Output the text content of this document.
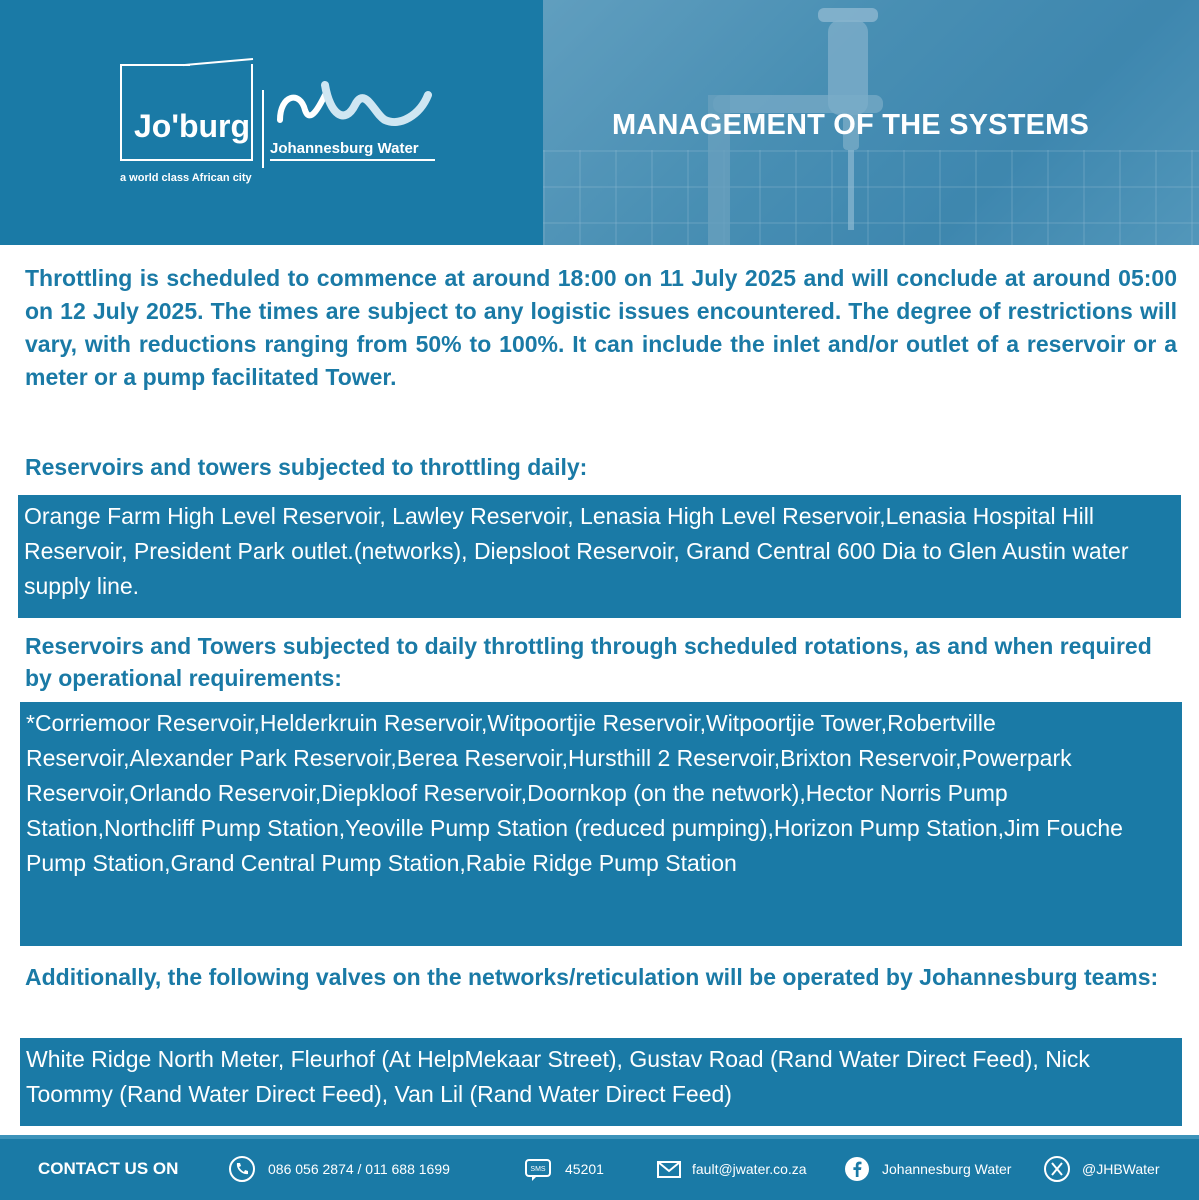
Jo'burg
a world class African city
Johannesburg Water
MANAGEMENT OF THE SYSTEMS
Throttling is scheduled to commence at around 18:00 on 11 July 2025 and will conclude at around 05:00 on 12 July 2025. The times are subject to any logistic issues encountered. The degree of restrictions will vary, with reductions ranging from 50% to 100%. It can include the inlet and/or outlet of a reservoir or a meter or a pump facilitated Tower.
Reservoirs and towers subjected to throttling daily:
Orange Farm High Level Reservoir, Lawley Reservoir, Lenasia High Level Reservoir,Lenasia Hospital Hill Reservoir, President Park outlet.(networks), Diepsloot Reservoir, Grand Central 600 Dia to Glen Austin water supply line.
Reservoirs and Towers subjected to daily throttling through scheduled rotations, as and when required by operational requirements:
*Corriemoor Reservoir,Helderkruin Reservoir,Witpoortjie Reservoir,Witpoortjie Tower,Robertville Reservoir,Alexander Park Reservoir,Berea Reservoir,Hursthill 2 Reservoir,Brixton Reservoir,Powerpark Reservoir,Orlando Reservoir,Diepkloof Reservoir,Doornkop (on the network),Hector Norris Pump Station,Northcliff Pump Station,Yeoville Pump Station (reduced pumping),Horizon Pump Station,Jim Fouche Pump Station,Grand Central Pump Station,Rabie Ridge Pump Station
Additionally, the following valves on the networks/reticulation will be operated by Johannesburg teams:
White Ridge North Meter, Fleurhof (At HelpMekaar Street), Gustav Road (Rand Water Direct Feed), Nick Toommy (Rand Water Direct Feed), Van Lil (Rand Water Direct Feed)
CONTACT US ON	086 056 2874 / 011 688 1699	SMS 45201	fault@jwater.co.za	Johannesburg Water	@JHBWater
